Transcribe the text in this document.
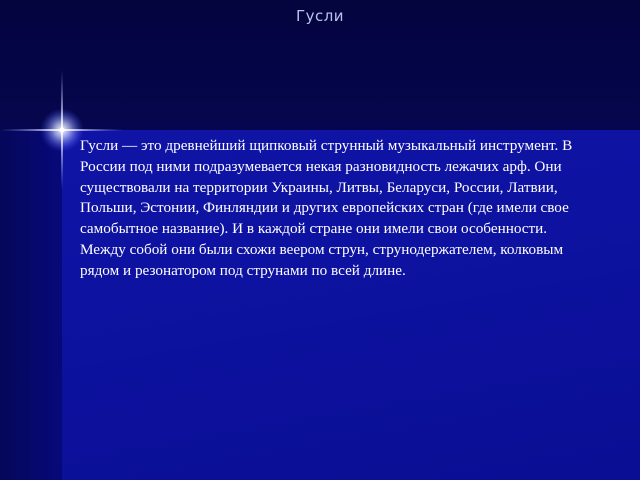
Гусли

Гусли — это древнейший щипковый струнный музыкальный инструмент. В России под ними подразумевается некая разновидность лежачих арф. Они существовали на территории Украины, Литвы, Беларуси, России, Латвии, Польши, Эстонии, Финляндии и других европейских стран (где имели свое самобытное название). И в каждой стране они имели свои особенности. Между собой они были схожи веером струн, струнодержателем, колковым рядом и резонатором под струнами по всей длине.
